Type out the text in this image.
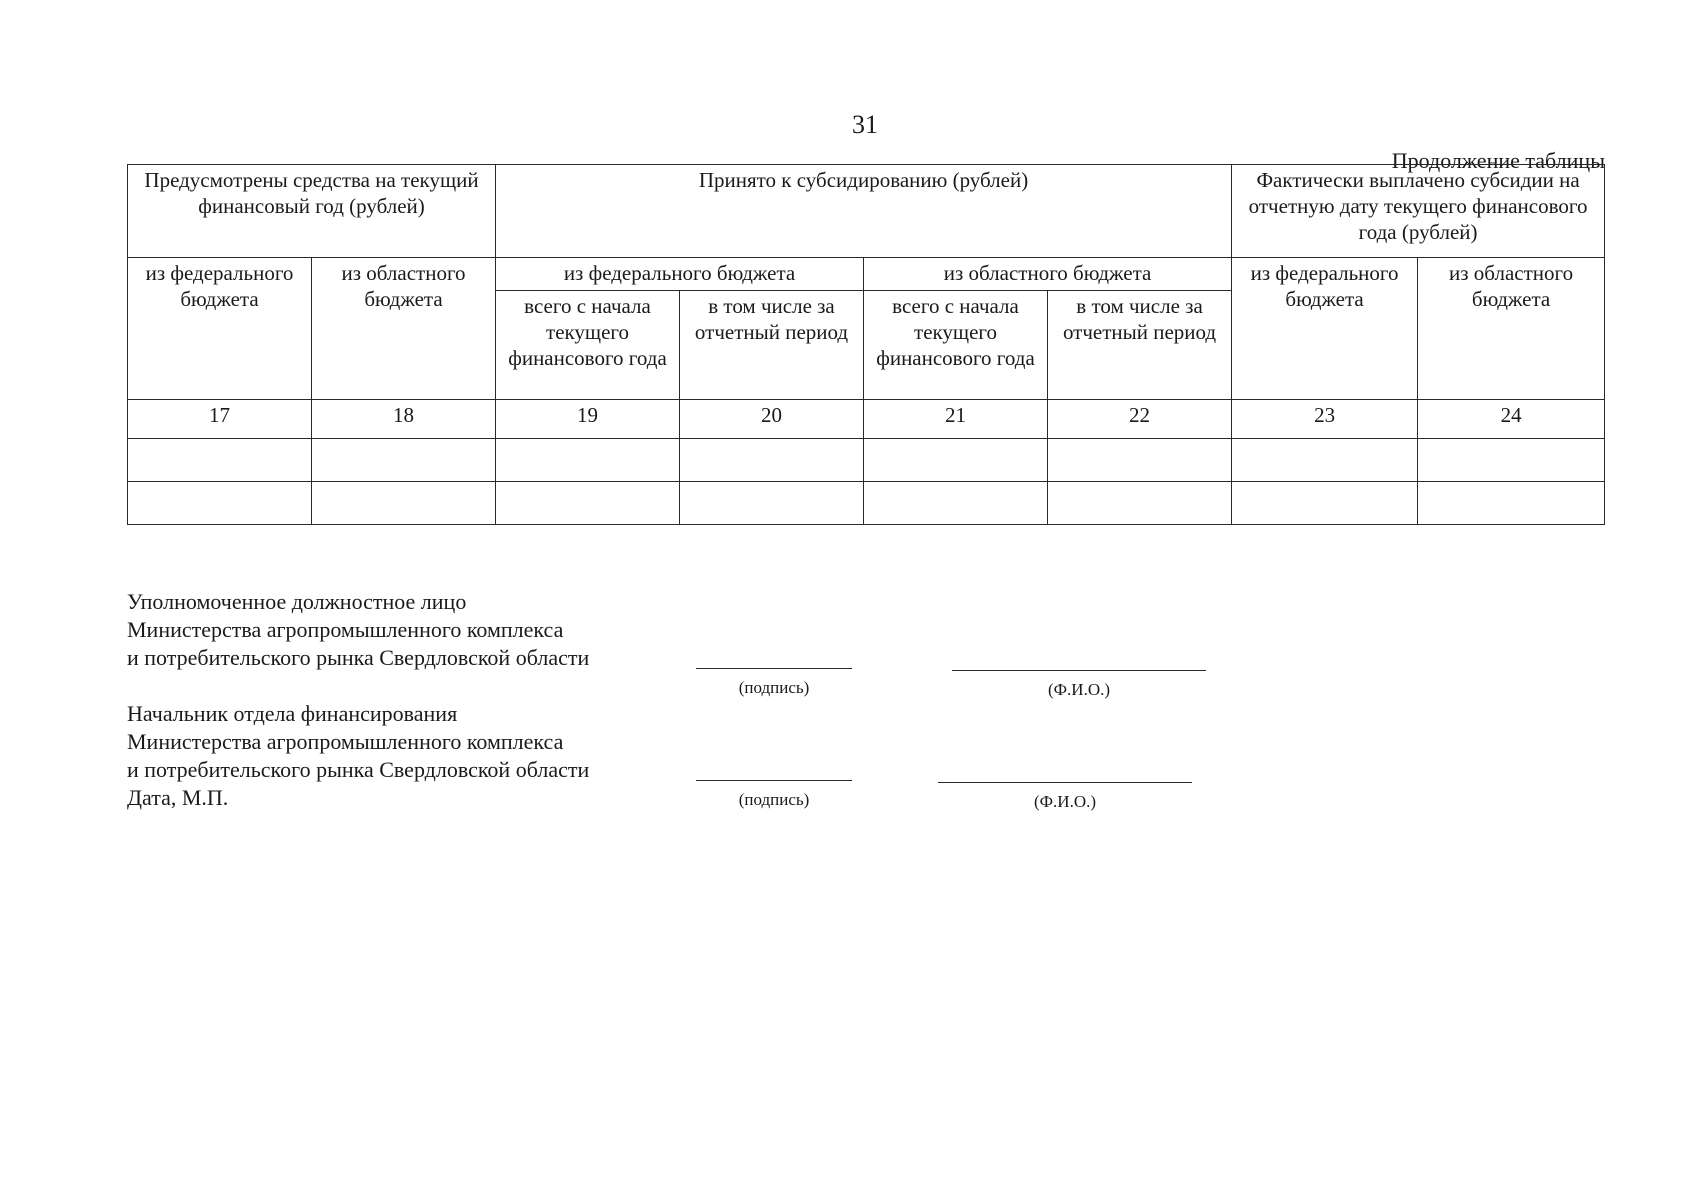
31
Продолжение таблицы
Предусмотрены средства на текущий финансовый год (рублей)		Принято к субсидированию (рублей)				Фактически выплачено субсидии на отчетную дату текущего финансового года (рублей)	
из федерального бюджета	из областного бюджета	из федерального бюджета		из областного бюджета		из федерального бюджета	из областного бюджета
		всего с начала текущего финансового года	в том числе за отчетный период	всего с начала текущего финансового года	в том числе за отчетный период		
17	18	19	20	21	22	23	24

Уполномоченное должностное лицо
Министерства агропромышленного комплекса
и потребительского рынка Свердловской области
(подпись)	(Ф.И.О.)
Начальник отдела финансирования
Министерства агропромышленного комплекса
и потребительского рынка Свердловской области
Дата, М.П.	(подпись)	(Ф.И.О.)
